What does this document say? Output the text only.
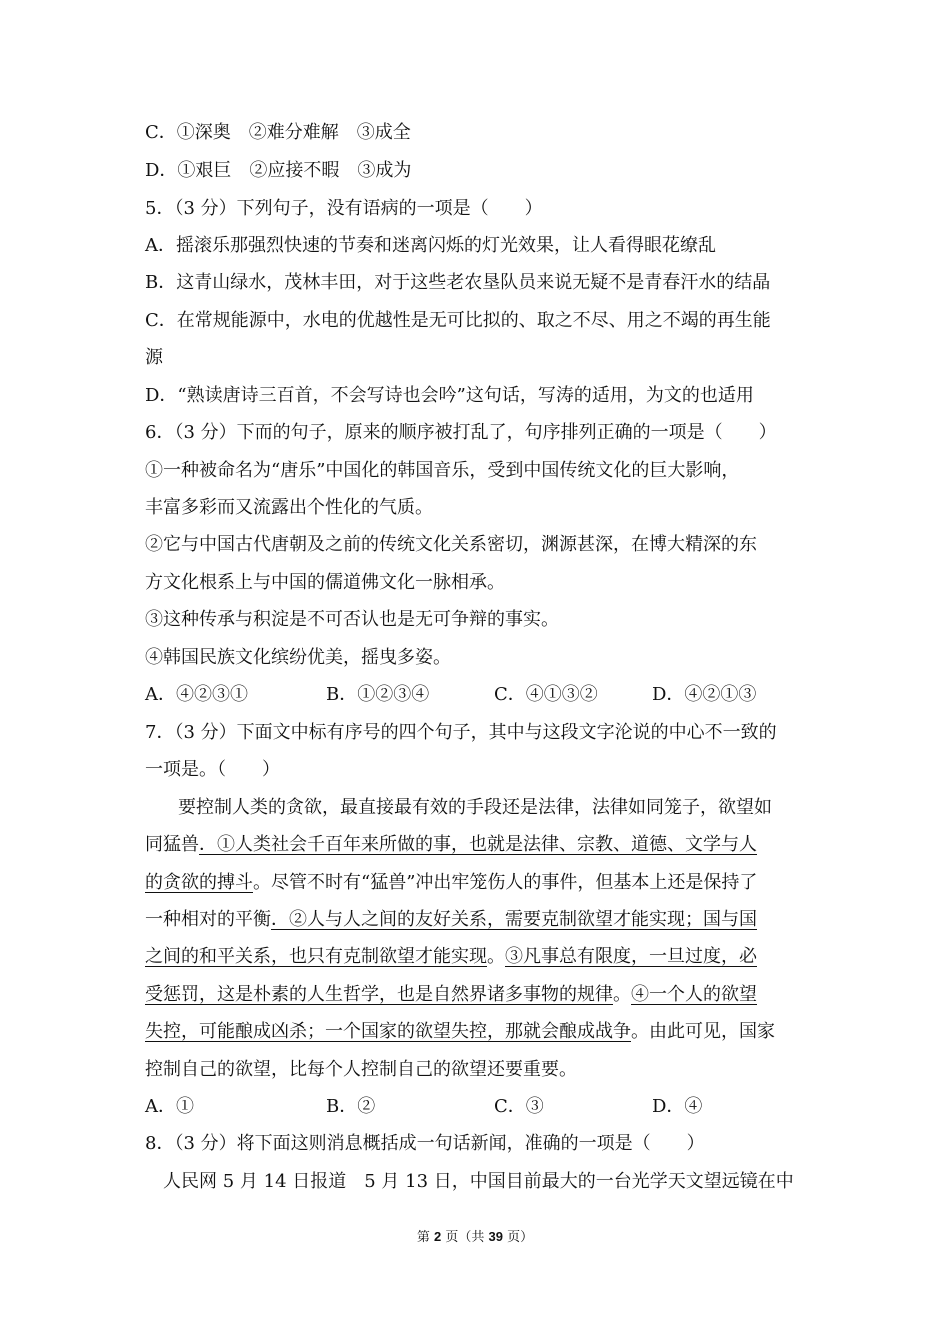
C．①深奥　②难分难解　③成全
D．①艰巨　②应接不暇　③成为
5．（3 分）下列句子，没有语病的一项是（　　）
A．摇滚乐那强烈快速的节奏和迷离闪烁的灯光效果，让人看得眼花缭乱
B．这青山绿水，茂林丰田，对于这些老农垦队员来说无疑不是青春汗水的结晶
C．在常规能源中，水电的优越性是无可比拟的、取之不尽、用之不竭的再生能
源
D．“熟读唐诗三百首，不会写诗也会吟”这句话，写涛的适用，为文的也适用
6．（3 分）下而的句子，原来的顺序被打乱了，句序排列正确的一项是（　　）
①一种被命名为“唐乐”中国化的韩国音乐，受到中国传统文化的巨大影响，
丰富多彩而又流露出个性化的气质。
②它与中国古代唐朝及之前的传统文化关系密切，渊源甚深，在博大精深的东
方文化根系上与中国的儒道佛文化一脉相承。
③这种传承与积淀是不可否认也是无可争辩的事实。
④韩国民族文化缤纷优美，摇曳多姿。
A．④②③①	B．①②③④	C．④①③②	D．④②①③
7．（3 分）下面文中标有序号的四个句子，其中与这段文字沦说的中心不一致的
一项是。（　　）
要控制人类的贪欲，最直接最有效的手段还是法律，法律如同笼子，欲望如
同猛兽．①人类社会千百年来所做的事，也就是法律、宗教、道德、文学与人
的贪欲的搏斗。尽管不时有“猛兽”冲出牢笼伤人的事件，但基本上还是保持了
一种相对的平衡．②人与人之间的友好关系，需要克制欲望才能实现；国与国
之间的和平关系，也只有克制欲望才能实现。③凡事总有限度，一旦过度，必
受惩罚，这是朴素的人生哲学，也是自然界诸多事物的规律。④一个人的欲望
失控，可能酿成凶杀；一个国家的欲望失控，那就会酿成战争。由此可见，国家
控制自己的欲望，比每个人控制自己的欲望还要重要。
A．①	B．②	C．③	D．④
8．（3 分）将下面这则消息概括成一句话新闻，准确的一项是（　　）
人民网 5 月 14 日报道　5 月 13 日，中国目前最大的一台光学天文望远镜在中
第 2 页（共 39 页）
